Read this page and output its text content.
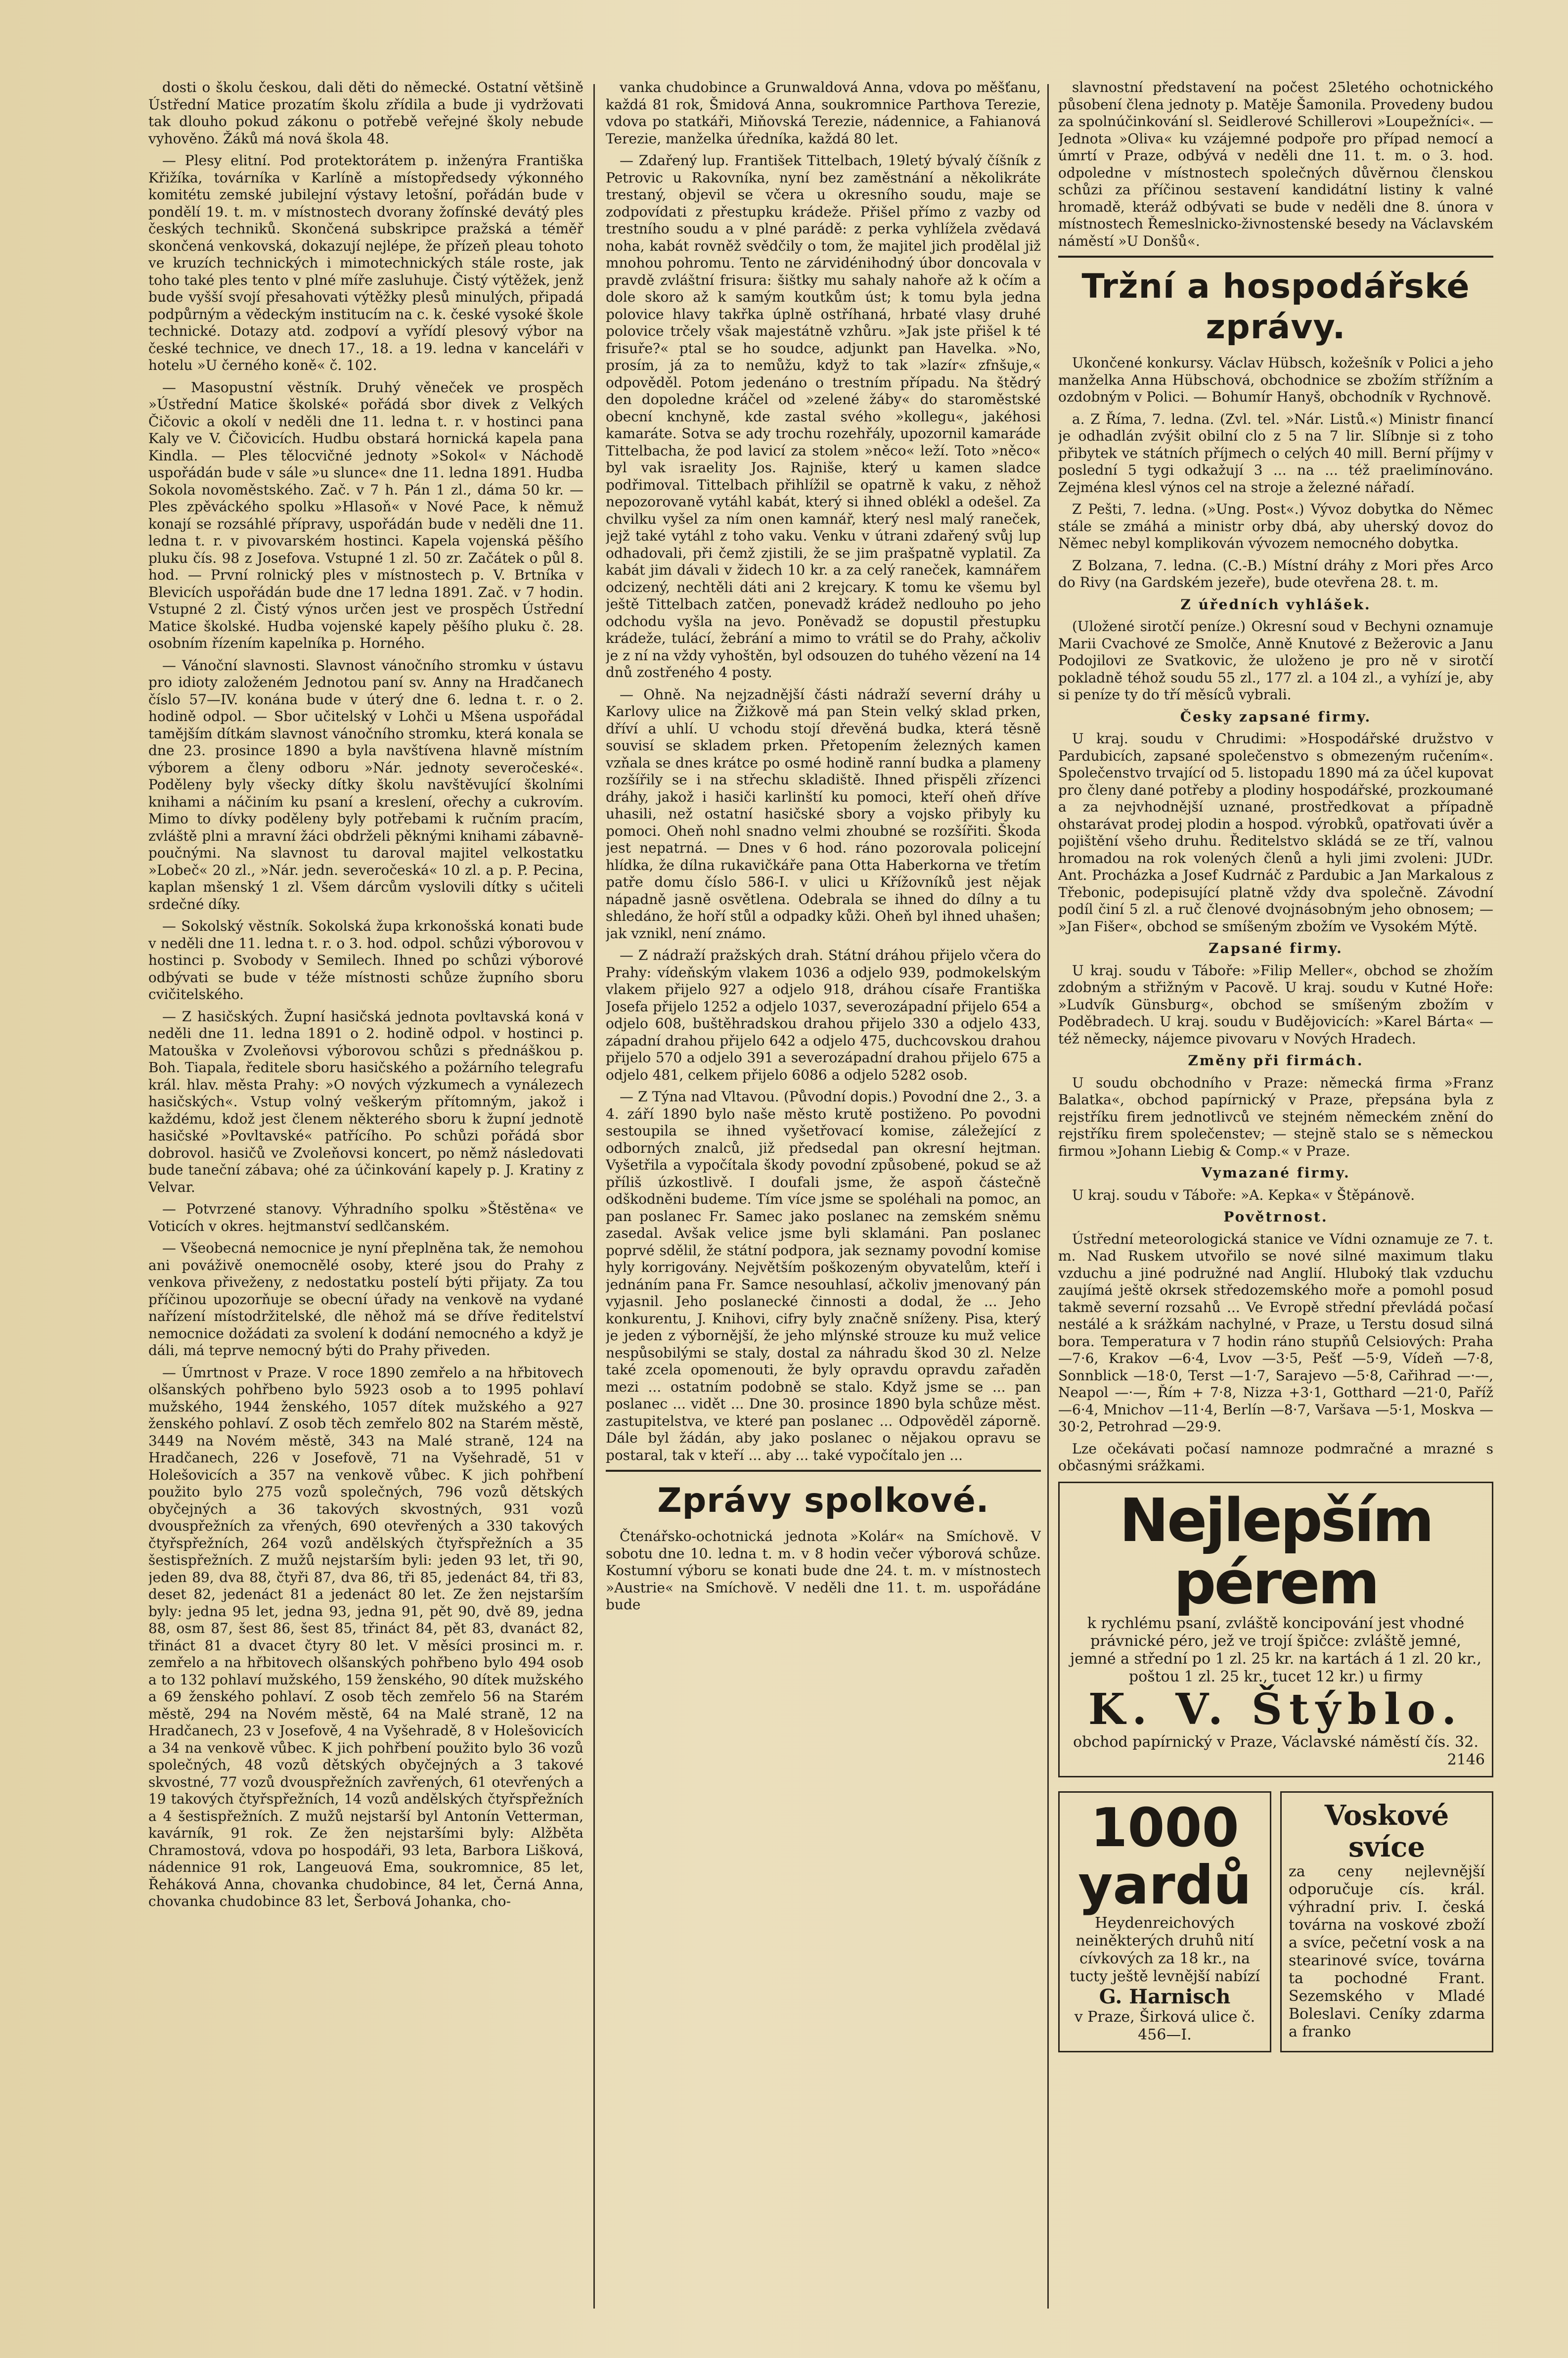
dosti o školu českou, dali děti do německé. Ostatní většině Ústřední Matice prozatím školu zřídila a bude ji vydržovati tak dlouho pokud zákonu o potřebě veřejné školy nebude vyhověno. Žáků má nová škola 48.

— Plesy elitní. Pod protektorátem p. inženýra Františka Křižíka, továrníka v Karlíně a místopředsedy výkonného komitétu zemské jubilejní výstavy letošní, pořádán bude v pondělí 19. t. m. v místnostech dvorany žofínské devátý ples českých techniků. Skončená subskripce pražská a téměř skončená venkovská, dokazují nejlépe, že přízeň pleau tohoto ve kruzích technických i mimotechnických stále roste, jak toho také ples tento v plné míře zasluhuje. Čistý výtěžek, jenž bude vyšší svojí přesahovati výtěžky plesů minulých, připadá podpůrným a vědeckým institucím na c. k. české vysoké škole technické. Dotazy atd. zodpoví a vyřídí plesový výbor na české technice, ve dnech 17., 18. a 19. ledna v kanceláři v hotelu »U černého koně« č. 102.

— Masopustní věstník. Druhý věneček ve prospěch »Ústřední Matice školské« pořádá sbor divek z Velkých Čičovic a okolí v neděli dne 11. ledna t. r. v hostinci pana Kaly ve V. Čičovicích. Hudbu obstará hornická kapela pana Kindla. — Ples tělocvičné jednoty »Sokol« v Náchodě uspořádán bude v sále »u slunce« dne 11. ledna 1891. Hudba Sokola novoměstského. Zač. v 7 h. Pán 1 zl., dáma 50 kr. — Ples zpěváckého spolku »Hlasoň« v Nové Pace, k němuž konají se rozsáhlé přípravy, uspořádán bude v neděli dne 11. ledna t. r. v pivovarském hostinci. Kapela vojenská pěšího pluku čís. 98 z Josefova. Vstupné 1 zl. 50 zr. Začátek o půl 8. hod. — První rolnický ples v místnostech p. V. Brtníka v Blevicích uspořádán bude dne 17 ledna 1891. Zač. v 7 hodin. Vstupné 2 zl. Čistý výnos určen jest ve prospěch Ústřední Matice školské. Hudba vojenské kapely pěšího pluku č. 28. osobním řízením kapelníka p. Horného.

— Vánoční slavnosti. Slavnost vánočního stromku v ústavu pro idioty založeném Jednotou paní sv. Anny na Hradčanech číslo 57—IV. konána bude v úterý dne 6. ledna t. r. o 2. hodině odpol. — Sbor učitelský v Lohči u Mšena uspořádal tamějším dítkám slavnost vánočního stromku, která konala se dne 23. prosince 1890 a byla navštívena hlavně místním výborem a členy odboru »Nár. jednoty severočeské«. Poděleny byly všecky dítky školu navštěvující školními knihami a náčiním ku psaní a kreslení, ořechy a cukrovím. Mimo to dívky poděleny byly potřebami k ručním pracím, zvláště plni a mravní žáci obdrželi pěknými knihami zábavně-poučnými. Na slavnost tu daroval majitel velkostatku »Lobeč« 20 zl., »Nár. jedn. severočeská« 10 zl. a p. P. Pecina, kaplan mšenský 1 zl. Všem dárcům vyslovili dítky s učiteli srdečné díky.

— Sokolský věstník. Sokolská župa krkonošská konati bude v neděli dne 11. ledna t. r. o 3. hod. odpol. schůzi výborovou v hostinci p. Svobody v Semilech. Ihned po schůzi výborové odbývati se bude v téže místnosti schůze župního sboru cvičitelského.

— Z hasičských. Župní hasičská jednota povltavská koná v neděli dne 11. ledna 1891 o 2. hodině odpol. v hostinci p. Matouška v Zvoleňovsi výborovou schůzi s přednáškou p. Boh. Tiapala, ředitele sboru hasičského a požárního telegrafu král. hlav. města Prahy: »O nových výzkumech a vynálezech hasičských«. Vstup volný veškerým přítomným, jakož i každému, kdož jest členem některého sboru k župní jednotě hasičské »Povltavské« patřícího. Po schůzi pořádá sbor dobrovol. hasičů ve Zvoleňovsi koncert, po němž následovati bude taneční zábava; ohé za účinkování kapely p. J. Kratiny z Velvar.

— Potvrzené stanovy. Výhradního spolku »Štěstěna« ve Voticích v okres. hejtmanství sedlčanském.

— Všeobecná nemocnice je nyní přeplněna tak, že nemohou ani pováživě onemocnělé osoby, které jsou do Prahy z venkova přiveženy, z nedostatku postelí býti přijaty. Za tou příčinou upozorňuje se obecní úřady na venkově na vydané nařízení místodržitelské, dle něhož má se dříve ředitelství nemocnice dožádati za svolení k dodání nemocného a když je dáli, má teprve nemocný býti do Prahy přiveden.

— Úmrtnost v Praze. V roce 1890 zemřelo a na hřbitovech olšanských pohřbeno bylo 5923 osob a to 1995 pohlaví mužského, 1944 ženského, 1057 dítek mužského a 927 ženského pohlaví. Z osob těch zemřelo 802 na Starém městě, 3449 na Novém městě, 343 na Malé straně, 124 na Hradčanech, 226 v Josefově, 71 na Vyšehradě, 51 v Holešovicích a 357 na venkově vůbec. K jich pohřbení použito bylo 275 vozů společných, 796 vozů dětských obyčejných a 36 takových skvostných, 931 vozů dvouspřežních za vřených, 690 otevřených a 330 takových čtyřspřežních, 264 vozů andělských čtyřspřežních a 35 šestispřežních. Z mužů nejstarším byli: jeden 93 let, tři 90, jeden 89, dva 88, čtyři 87, dva 86, tři 85, jedenáct 84, tři 83, deset 82, jedenáct 81 a jedenáct 80 let. Ze žen nejstarším byly: jedna 95 let, jedna 93, jedna 91, pět 90, dvě 89, jedna 88, osm 87, šest 86, šest 85, třináct 84, pět 83, dvanáct 82, třináct 81 a dvacet čtyry 80 let. V měsíci prosinci m. r. zemřelo a na hřbitovech olšanských pohřbeno bylo 494 osob a to 132 pohlaví mužského, 159 ženského, 90 dítek mužského a 69 ženského pohlaví. Z osob těch zemřelo 56 na Starém městě, 294 na Novém městě, 64 na Malé straně, 12 na Hradčanech, 23 v Josefově, 4 na Vyšehradě, 8 v Holešovicích a 34 na venkově vůbec. K jich pohřbení použito bylo 36 vozů společných, 48 vozů dětských obyčejných a 3 takové skvostné, 77 vozů dvouspřežních zavřených, 61 otevřených a 19 takových čtyřspřežních, 14 vozů andělských čtyřspřežních a 4 šestispřežních. Z mužů nejstarší byl Antonín Vetterman, kavárník, 91 rok. Ze žen nejstaršími byly: Alžběta Chramostová, vdova po hospodáři, 93 leta, Barbora Lišková, nádennice 91 rok, Langeuová Ema, soukromnice, 85 let, Řeháková Anna, chovanka chudobince, 84 let, Černá Anna, chovanka chudobince 83 let, Šerbová Johanka, cho-

vanka chudobince a Grunwaldová Anna, vdova po měšťanu, každá 81 rok, Šmidová Anna, soukromnice Parthova Terezie, vdova po statkáři, Miňovská Terezie, nádennice, a Fahianová Terezie, manželka úředníka, každá 80 let.

— Zdařený lup. František Tittelbach, 19letý bývalý číšník z Petrovic u Rakovníka, nyní bez zaměstnání a několikráte trestaný, objevil se včera u okresního soudu, maje se zodpovídati z přestupku krádeže. Přišel přímo z vazby od trestního soudu a v plné parádě: z perka vyhlížela zvědavá noha, kabát rovněž svědčily o tom, že majitel jich prodělal již mnohou pohromu. Tento ne zárvidénihodný úbor doncovala v pravdě zvláštní frisura: šištky mu sahaly nahoře až k očím a dole skoro až k samým koutkům úst; k tomu byla jedna polovice hlavy takřka úplně ostříhaná, hrbaté vlasy druhé polovice trčely však majestátně vzhůru. »Jak jste přišel k té frisuře?« ptal se ho soudce, adjunkt pan Havelka. »No, prosím, já za to nemůžu, když to tak »lazír« zfnšuje,« odpověděl. Potom jedenáno o trestním případu. Na štědrý den dopoledne kráčel od »zelené žáby« do staroměstské obecní knchyně, kde zastal svého »kollegu«, jakéhosi kamaráte. Sotva se ady trochu rozehřály, upozornil kamaráde Tittelbacha, že pod lavicí za stolem »něco« leží. Toto »něco« byl vak israelity Jos. Rajniše, který u kamen sladce podřimoval. Tittelbach přihlížil se opatrně k vaku, z něhož nepozorovaně vytáhl kabát, který si ihned oblékl a odešel. Za chvilku vyšel za ním onen kamnář, který nesl malý raneček, jejž také vytáhl z toho vaku. Venku v útrani zdařený svůj lup odhadovali, při čemž zjistili, že se jim prašpatně vyplatil. Za kabát jim dávali v židech 10 kr. a za celý raneček, kamnářem odcizený, nechtěli dáti ani 2 krejcary. K tomu ke všemu byl ještě Tittelbach zatčen, ponevadž krádež nedlouho po jeho odchodu vyšla na jevo. Poněvadž se dopustil přestupku krádeže, tulácí, žebrání a mimo to vrátil se do Prahy, ačkoliv je z ní na vždy vyhoštěn, byl odsouzen do tuhého vězení na 14 dnů zostřeného 4 posty.

— Ohně. Na nejzadnější části nádraží severní dráhy u Karlovy ulice na Žižkově má pan Stein velký sklad prken, dříví a uhlí. U vchodu stojí dřevěná budka, která těsně souvisí se skladem prken. Přetopením železných kamen vzňala se dnes krátce po osmé hodině ranní budka a plameny rozšířily se i na střechu skladiště. Ihned přispěli zřízenci dráhy, jakož i hasiči karlinští ku pomoci, kteří oheň dříve uhasili, než ostatní hasičské sbory a vojsko přibyly ku pomoci. Oheň nohl snadno velmi zhoubné se rozšířiti. Škoda jest nepatrná. — Dnes v 6 hod. ráno pozorovala policejní hlídka, že dílna rukavičkáře pana Otta Haberkorna ve třetím patře domu číslo 586-I. v ulici u Křížovníků jest nějak nápadně jasně osvětlena. Odebrala se ihned do dílny a tu shledáno, že hoří stůl a odpadky kůži. Oheň byl ihned uhašen; jak vznikl, není známo.

— Z nádraží pražských drah. Státní dráhou přijelo včera do Prahy: vídeňským vlakem 1036 a odjelo 939, podmokelským vlakem přijelo 927 a odjelo 918, dráhou císaře Františka Josefa přijelo 1252 a odjelo 1037, severozápadní přijelo 654 a odjelo 608, buštěhradskou drahou přijelo 330 a odjelo 433, západní drahou přijelo 642 a odjelo 475, duchcovskou drahou přijelo 570 a odjelo 391 a severozápadní drahou přijelo 675 a odjelo 481, celkem přijelo 6086 a odjelo 5282 osob.

— Z Týna nad Vltavou. (Původní dopis.) Povodní dne 2., 3. a 4. září 1890 bylo naše město krutě postiženo. Po povodni sestoupila se ihned vyšetřovací komise, záležející z odborných znalců, již předsedal pan okresní hejtman. Vyšetřila a vypočítala škody povodní způsobené, pokud se až příliš úzkostlivě. I doufali jsme, že aspoň částečně odškodněni budeme. Tím více jsme se spoléhali na pomoc, an pan poslanec Fr. Samec jako poslanec na zemském sněmu zasedal. Avšak velice jsme byli sklamáni. Pan poslanec poprvé sdělil, že státní podpora, jak seznamy povodní komise hyly korrigovány. Největším poškozeným obyvatelům, kteří i jednáním pana Fr. Samce nesouhlasí, ačkoliv jmenovaný pán vyjasnil. Jeho poslanecké činnosti a dodal, že ... Jeho konkurentu, J. Knihovi, cifry byly značně sníženy. Pisa, který je jeden z výbornější, že jeho mlýnské strouze ku muž velice nespůsobilými se staly, dostal za náhradu škod 30 zl. Nelze také zcela opomenouti, že byly opravdu opravdu zařaděn mezi ... ostatním podobně se stalo. Když jsme se ... pan poslanec ... vidět ... Dne 30. prosince 1890 byla schůze měst. zastupitelstva, ve které pan poslanec ... Odpověděl záporně. Dále byl žádán, aby jako poslanec o nějakou opravu se postaral, tak v kteří ... aby ... také vypočítalo jen ...

Zprávy spolkové.

Čtenářsko-ochotnická jednota »Kolár« na Smíchově. V sobotu dne 10. ledna t. m. v 8 hodin večer výborová schůze. Kostumní výboru se konati bude dne 24. t. m. v místnostech »Austrie« na Smíchově. V neděli dne 11. t. m. uspořádáne bude

slavnostní představení na počest 25letého ochotnického působení člena jednoty p. Matěje Šamonila. Provedeny budou za spolnúčinkování sl. Seidlerové Schillerovi »Loupežníci«. — Jednota »Oliva« ku vzájemné podpoře pro případ nemocí a úmrtí v Praze, odbývá v neděli dne 11. t. m. o 3. hod. odpoledne v místnostech společných důvěrnou členskou schůzi za příčinou sestavení kandidátní listiny k valné hromadě, kteráž odbývati se bude v neděli dne 8. února v místnostech Řemeslnicko-živnostenské besedy na Václavském náměstí »U Donšů«.

Tržní a hospodářské zprávy.

Ukončené konkursy. Václav Hübsch, kožešník v Polici a jeho manželka Anna Hübschová, obchodnice se zbožím střížním a ozdobným v Polici. — Bohumír Hanyš, obchodník v Rychnově.

a. Z Říma, 7. ledna. (Zvl. tel. »Nár. Listů.«) Ministr financí je odhadlán zvýšit obilní clo z 5 na 7 lir. Slíbnje si z toho přibytek ve státních příjmech o celých 40 mill. Berní příjmy v poslední 5 tygi odkažují 3 ... na ... též praelimínováno. Zejména klesl výnos cel na stroje a železné nářadí.

Z Pešti, 7. ledna. (»Ung. Post«.) Vývoz dobytka do Němec stále se zmáhá a ministr orby dbá, aby uherský dovoz do Němec nebyl komplikován vývozem nemocného dobytka.

Z Bolzana, 7. ledna. (C.-B.) Místní dráhy z Mori přes Arco do Rivy (na Gardském jezeře), bude otevřena 28. t. m.

Z úředních vyhlášek.

(Uložené sirotčí peníze.) Okresní soud v Bechyni oznamuje Marii Cvachové ze Smolče, Anně Knutové z Bežerovic a Janu Podojilovi ze Svatkovic, že uloženo je pro ně v sirotčí pokladně téhož soudu 55 zl., 177 zl. a 104 zl., a vyhízí je, aby si peníze ty do tří měsíců vybrali.

Česky zapsané firmy.

U kraj. soudu v Chrudimi: »Hospodářské družstvo v Pardubicích, zapsané společenstvo s obmezeným ručením«. Společenstvo trvající od 5. listopadu 1890 má za účel kupovat pro členy dané potřeby a plodiny hospodářské, prozkoumané a za nejvhodnější uznané, prostředkovat a případně ohstarávat prodej plodin a hospod. výrobků, opatřovati úvěr a pojištění všeho druhu. Ředitelstvo skládá se ze tří, valnou hromadou na rok volených členů a hyli jimi zvoleni: JUDr. Ant. Procházka a Josef Kudrnáč z Pardubic a Jan Markalous z Třebonic, podepisující platně vždy dva společně. Závodní podíl činí 5 zl. a ruč členové dvojnásobným jeho obnosem; — »Jan Fišer«, obchod se smíšeným zbožím ve Vysokém Mýtě.

Zapsané firmy.

U kraj. soudu v Táboře: »Filip Meller«, obchod se zhožím zdobným a střižným v Pacově. U kraj. soudu v Kutné Hoře: »Ludvík Günsburg«, obchod se smíšeným zbožím v Poděbradech. U kraj. soudu v Budějovicích: »Karel Bárta« — též německy, nájemce pivovaru v Nových Hradech.

Změny při firmách.

U soudu obchodního v Praze: německá firma »Franz Balatka«, obchod papírnický v Praze, přepsána byla z rejstříku firem jednotlivců ve stejném německém znění do rejstříku firem společenstev; — stejně stalo se s německou firmou »Johann Liebig & Comp.« v Praze.

Vymazané firmy.

U kraj. soudu v Táboře: »A. Kepka« v Štěpánově.

Povětrnost.

Ústřední meteorologická stanice ve Vídni oznamuje ze 7. t. m. Nad Ruskem utvořilo se nové silné maximum tlaku vzduchu a jiné podružné nad Anglií. Hluboký tlak vzduchu zaujímá ještě okrsek středozemského moře a pomohl posud takmě severní rozsahů ... Ve Evropě střední převládá počasí nestálé a k srážkám nachylné, v Praze, u Terstu dosud silná bora. Temperatura v 7 hodin ráno stupňů Celsiových: Praha —7·6, Krakov —6·4, Lvov —3·5, Pešť —5·9, Vídeň —7·8, Sonnblick —18·0, Terst —1·7, Sarajevo —5·8, Cařihrad —·—, Neapol —·—, Řím + 7·8, Nizza +3·1, Gotthard —21·0, Paříž —6·4, Mnichov —11·4, Berlín —8·7, Varšava —5·1, Moskva —30·2, Petrohrad —29·9.

Lze očekávati počasí namnoze podmračné a mrazné s občasnými srážkami.

Nejlepším pérem
k rychlému psaní, zvláště koncipování jest vhodné právnické péro, jež ve trojí špičce: zvláště jemné, jemné a střední po 1 zl. 25 kr. na kartách á 1 zl. 20 kr., poštou 1 zl. 25 kr., tucet 12 kr.) u firmy
K. V. Štýblo.
obchod papírnický v Praze, Václavské náměstí čís. 32.
2146
1000 yardů
Heydenreichových neiněkterých druhů nití cívkových za 18 kr., na tucty ještě levnější nabízí
G. Harnisch
v Praze, Širková ulice č. 456—I.
Voskové svíce
za ceny nejlevnější odporučuje cís. král. výhradní priv. I. česká továrna na voskové zboží a svíce, pečetní vosk a na stearinové svíce, továrna ta pochodné Frant. Sezemského v Mladé Boleslavi. Ceníky zdarma a franko
